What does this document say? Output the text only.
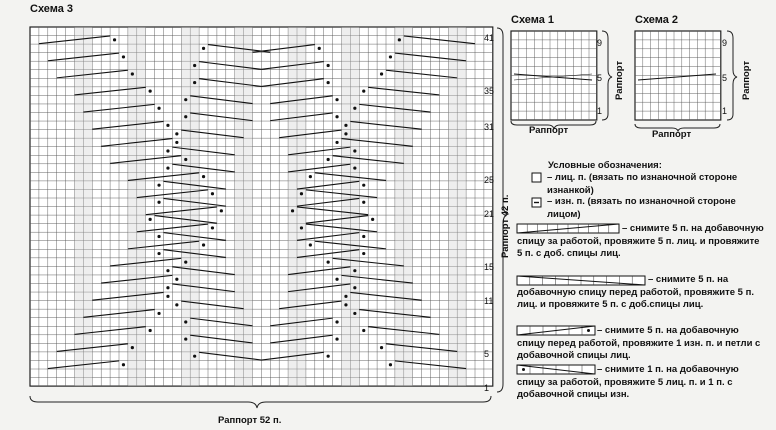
Схема 3
Схема 1	Схема 2
41
35
31
25
21
15
11
5
1
Раппорт 42 п.
Раппорт 52 п.
9
5
1
Раппорт
Раппорт
9
5
1
Раппорт
Раппорт
Условные обозначения:
– лиц. п. (вязать по изнаночной стороне изнанкой)
– изн. п. (вязать по изнаночной стороне лицом)
– снимите 5 п. на добавочную спицу за работой, провяжите 5 п. лиц. и провяжите 5 п. с доб. спицы лиц.
– снимите 5 п. на добавочную спицу перед работой, провяжите 5 п. лиц. и провяжите 5 п. с доб.спицы лиц.
– снимите 5 п. на добавочную спицу перед работой, провяжите 1 изн. п. и петли с добавочной спицы лиц.
– снимите 1 п. на добавочную спицу за работой, провяжите 5 лиц. п. и 1 п. с добавочной спицы изн.
